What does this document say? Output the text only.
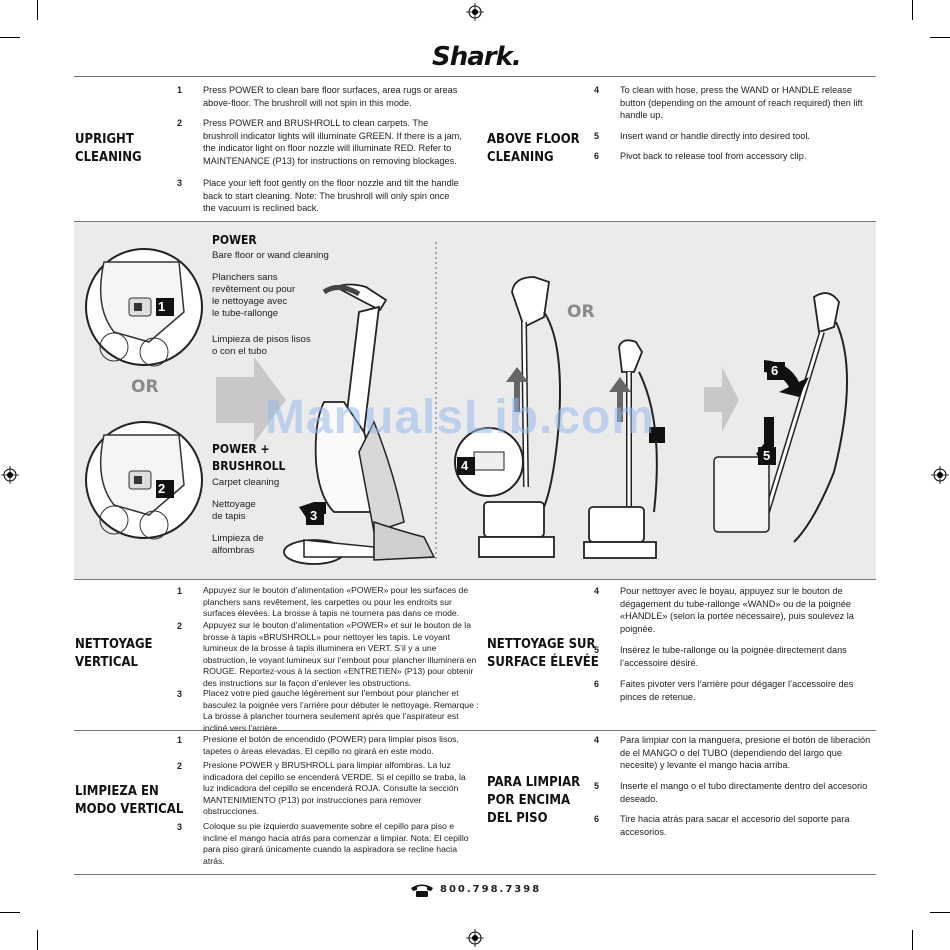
Shark.
UPRIGHT
CLEANING
1 Press POWER to clean bare floor surfaces, area rugs or areas above-floor. The brushroll will not spin in this mode.
2 Press POWER and BRUSHROLL to clean carpets. The brushroll indicator lights will illuminate GREEN. If there is a jam, the indicator light on floor nozzle will illuminate RED. Refer to MAINTENANCE (P13) for instructions on removing blockages.
3 Place your left foot gently on the floor nozzle and tilt the handle back to start cleaning. Note: The brushroll will only spin once the vacuum is reclined back.
ABOVE FLOOR
CLEANING
4 To clean with hose, press the WAND or HANDLE release button (depending on the amount of reach required) then lift handle up.
5 Insert wand or handle directly into desired tool.
6 Pivot back to release tool from accessory clip.
1
2
3
4
5
6
OR
OR
POWER
Bare floor or wand cleaning
Planchers sans
revêtement ou pour
le nettoyage avec
le tube-rallonge
Limpieza de pisos lisos
o con el tubo
POWER +
BRUSHROLL
Carpet cleaning
Nettoyage
de tapis
Limpieza de
alfombras
ManualsLib.com
NETTOYAGE
VERTICAL
1 Appuyez sur le bouton d’alimentation «POWER» pour les surfaces de planchers sans revêtement, les carpettes ou pour les endroits sur surfaces élevées. La brosse à tapis ne tournera pas dans ce mode.
2 Appuyez sur le bouton d’alimentation «POWER» et sur le bouton de la brosse à tapis «BRUSHROLL» pour nettoyer les tapis. Le voyant lumineux de la brosse à tapis illuminera en VERT. S’il y a une obstruction, le voyant lumineux sur l’embout pour plancher illuminera en ROUGE. Reportez-vous à la section «ENTRETIEN» (P13) pour obtenir des instructions sur la façon d’enlever les obstructions.
3 Placez votre pied gauche légèrement sur l’embout pour plancher et basculez la poignée vers l’arrière pour débuter le nettoyage. Remarque : La brosse à plancher tournera seulement après que l’aspirateur est incliné vers l’arrière.
NETTOYAGE SUR
SURFACE ÉLEVÉE
4 Pour nettoyer avec le boyau, appuyez sur le bouton de dégagement du tube-rallonge «WAND» ou de la poignée «HANDLE» (selon la portée nécessaire), puis soulevez la poignée.
5 Insérez le tube-rallonge ou la poignée directement dans l’accessoire désiré.
6 Faites pivoter vers l’arrière pour dégager l’accessoire des pinces de retenue.
LIMPIEZA EN
MODO VERTICAL
1 Presione el botón de encendido (POWER) para limpiar pisos lisos, tapetes o áreas elevadas. El cepillo no girará en este modo.
2 Presione POWER y BRUSHROLL para limpiar alfombras. La luz indicadora del cepillo se encenderá VERDE. Si el cepillo se traba, la luz indicadora del cepillo se encenderá ROJA. Consulte la sección MANTENIMIENTO (P13) por instrucciones para remover obstrucciones.
3 Coloque su pie izquierdo suavemente sobre el cepillo para piso e incline el mango hacia atrás para comenzar a limpiar. Nota: El cepillo para piso girará únicamente cuando la aspiradora se recline hacia atrás.
PARA LIMPIAR
POR ENCIMA
DEL PISO
4 Para limpiar con la manguera, presione el botón de liberación de el MANGO o del TUBO (dependiendo del largo que necesite) y levante el mango hacia arriba.
5 Inserte el mango o el tubo directamente dentro del accesorio deseado.
6 Tire hacia atrás para sacar el accesorio del soporte para accesorios.
800.798.7398
